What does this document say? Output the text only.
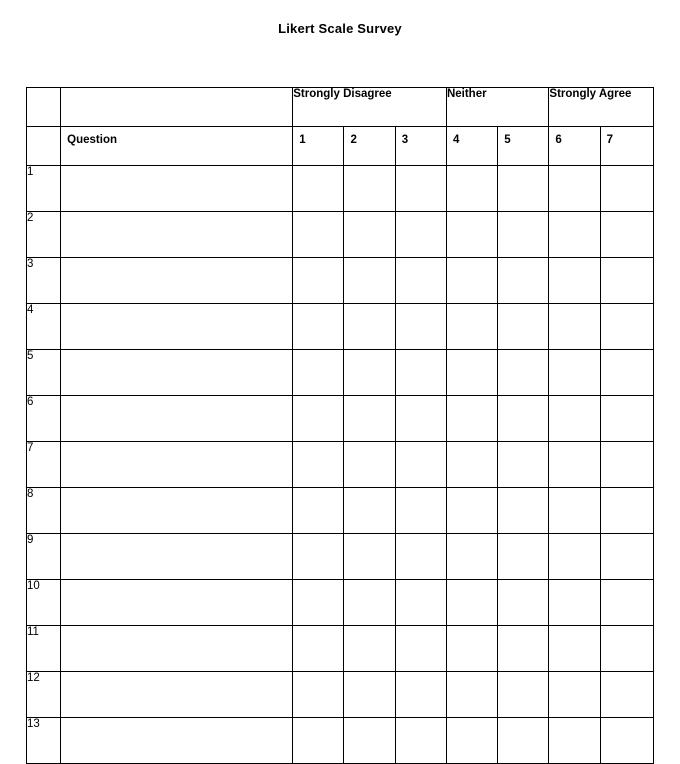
Likert Scale Survey
		Strongly Disagree			Neither		Strongly Agree	
	Question	1	2	3	4	5	6	7
1								
2								
3								
4								
5								
6								
7								
8								
9								
10								
11								
12								
13								
